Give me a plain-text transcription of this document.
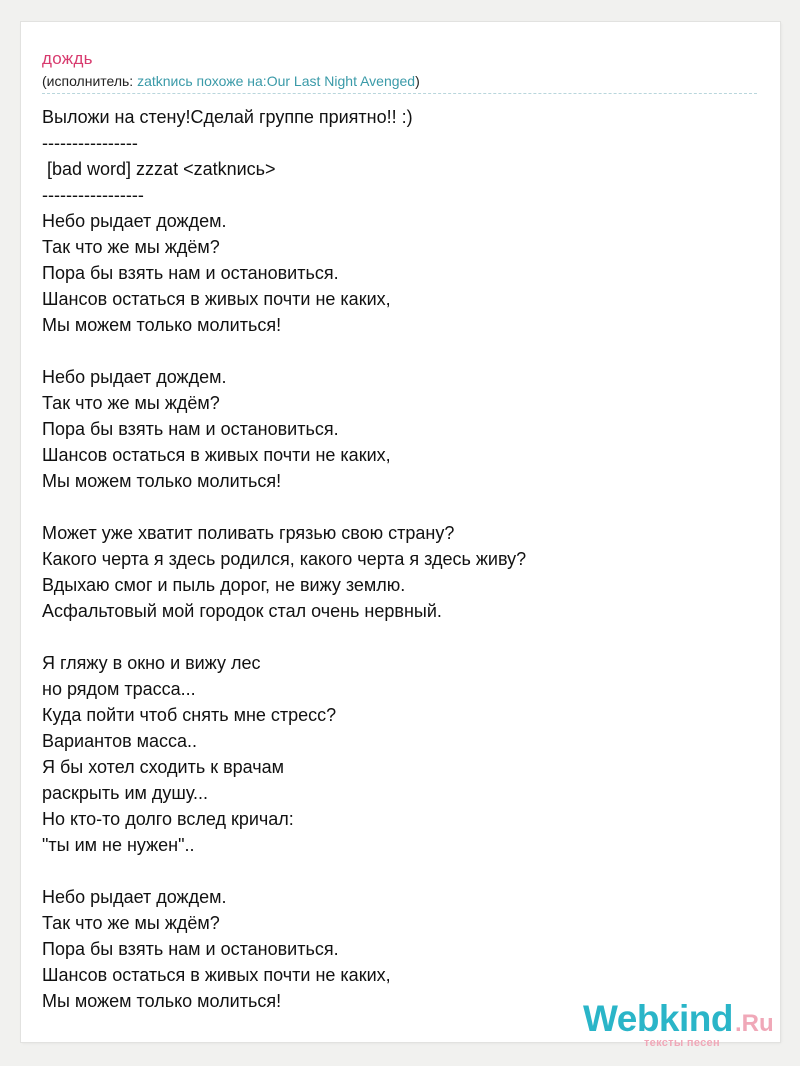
дождь
(исполнитель: zatknись похоже на:Our Last Night Avenged)
Выложи на стену!Сделай группе приятно!! :)
----------------
[bad word] zzzat <zatknись>
-----------------
Небо рыдает дождем.
Так что же мы ждём?
Пора бы взять нам и остановиться.
Шансов остаться в живых почти не каких,
Мы можем только молиться!
Небо рыдает дождем.
Так что же мы ждём?
Пора бы взять нам и остановиться.
Шансов остаться в живых почти не каких,
Мы можем только молиться!
Может уже хватит поливать грязью свою страну?
Какого черта я здесь родился, какого черта я здесь живу?
Вдыхаю смог и пыль дорог, не вижу землю.
Асфальтовый мой городок стал очень нервный.
Я гляжу в окно и вижу лес
но рядом трасса...
Куда пойти чтоб снять мне стресс?
Вариантов масса..
Я бы хотел сходить к врачам
раскрыть им душу...
Но кто-то долго вслед кричал:
"ты им не нужен"..
Небо рыдает дождем.
Так что же мы ждём?
Пора бы взять нам и остановиться.
Шансов остаться в живых почти не каких,
Мы можем только молиться!	Webkind.Ru
тексты песен
